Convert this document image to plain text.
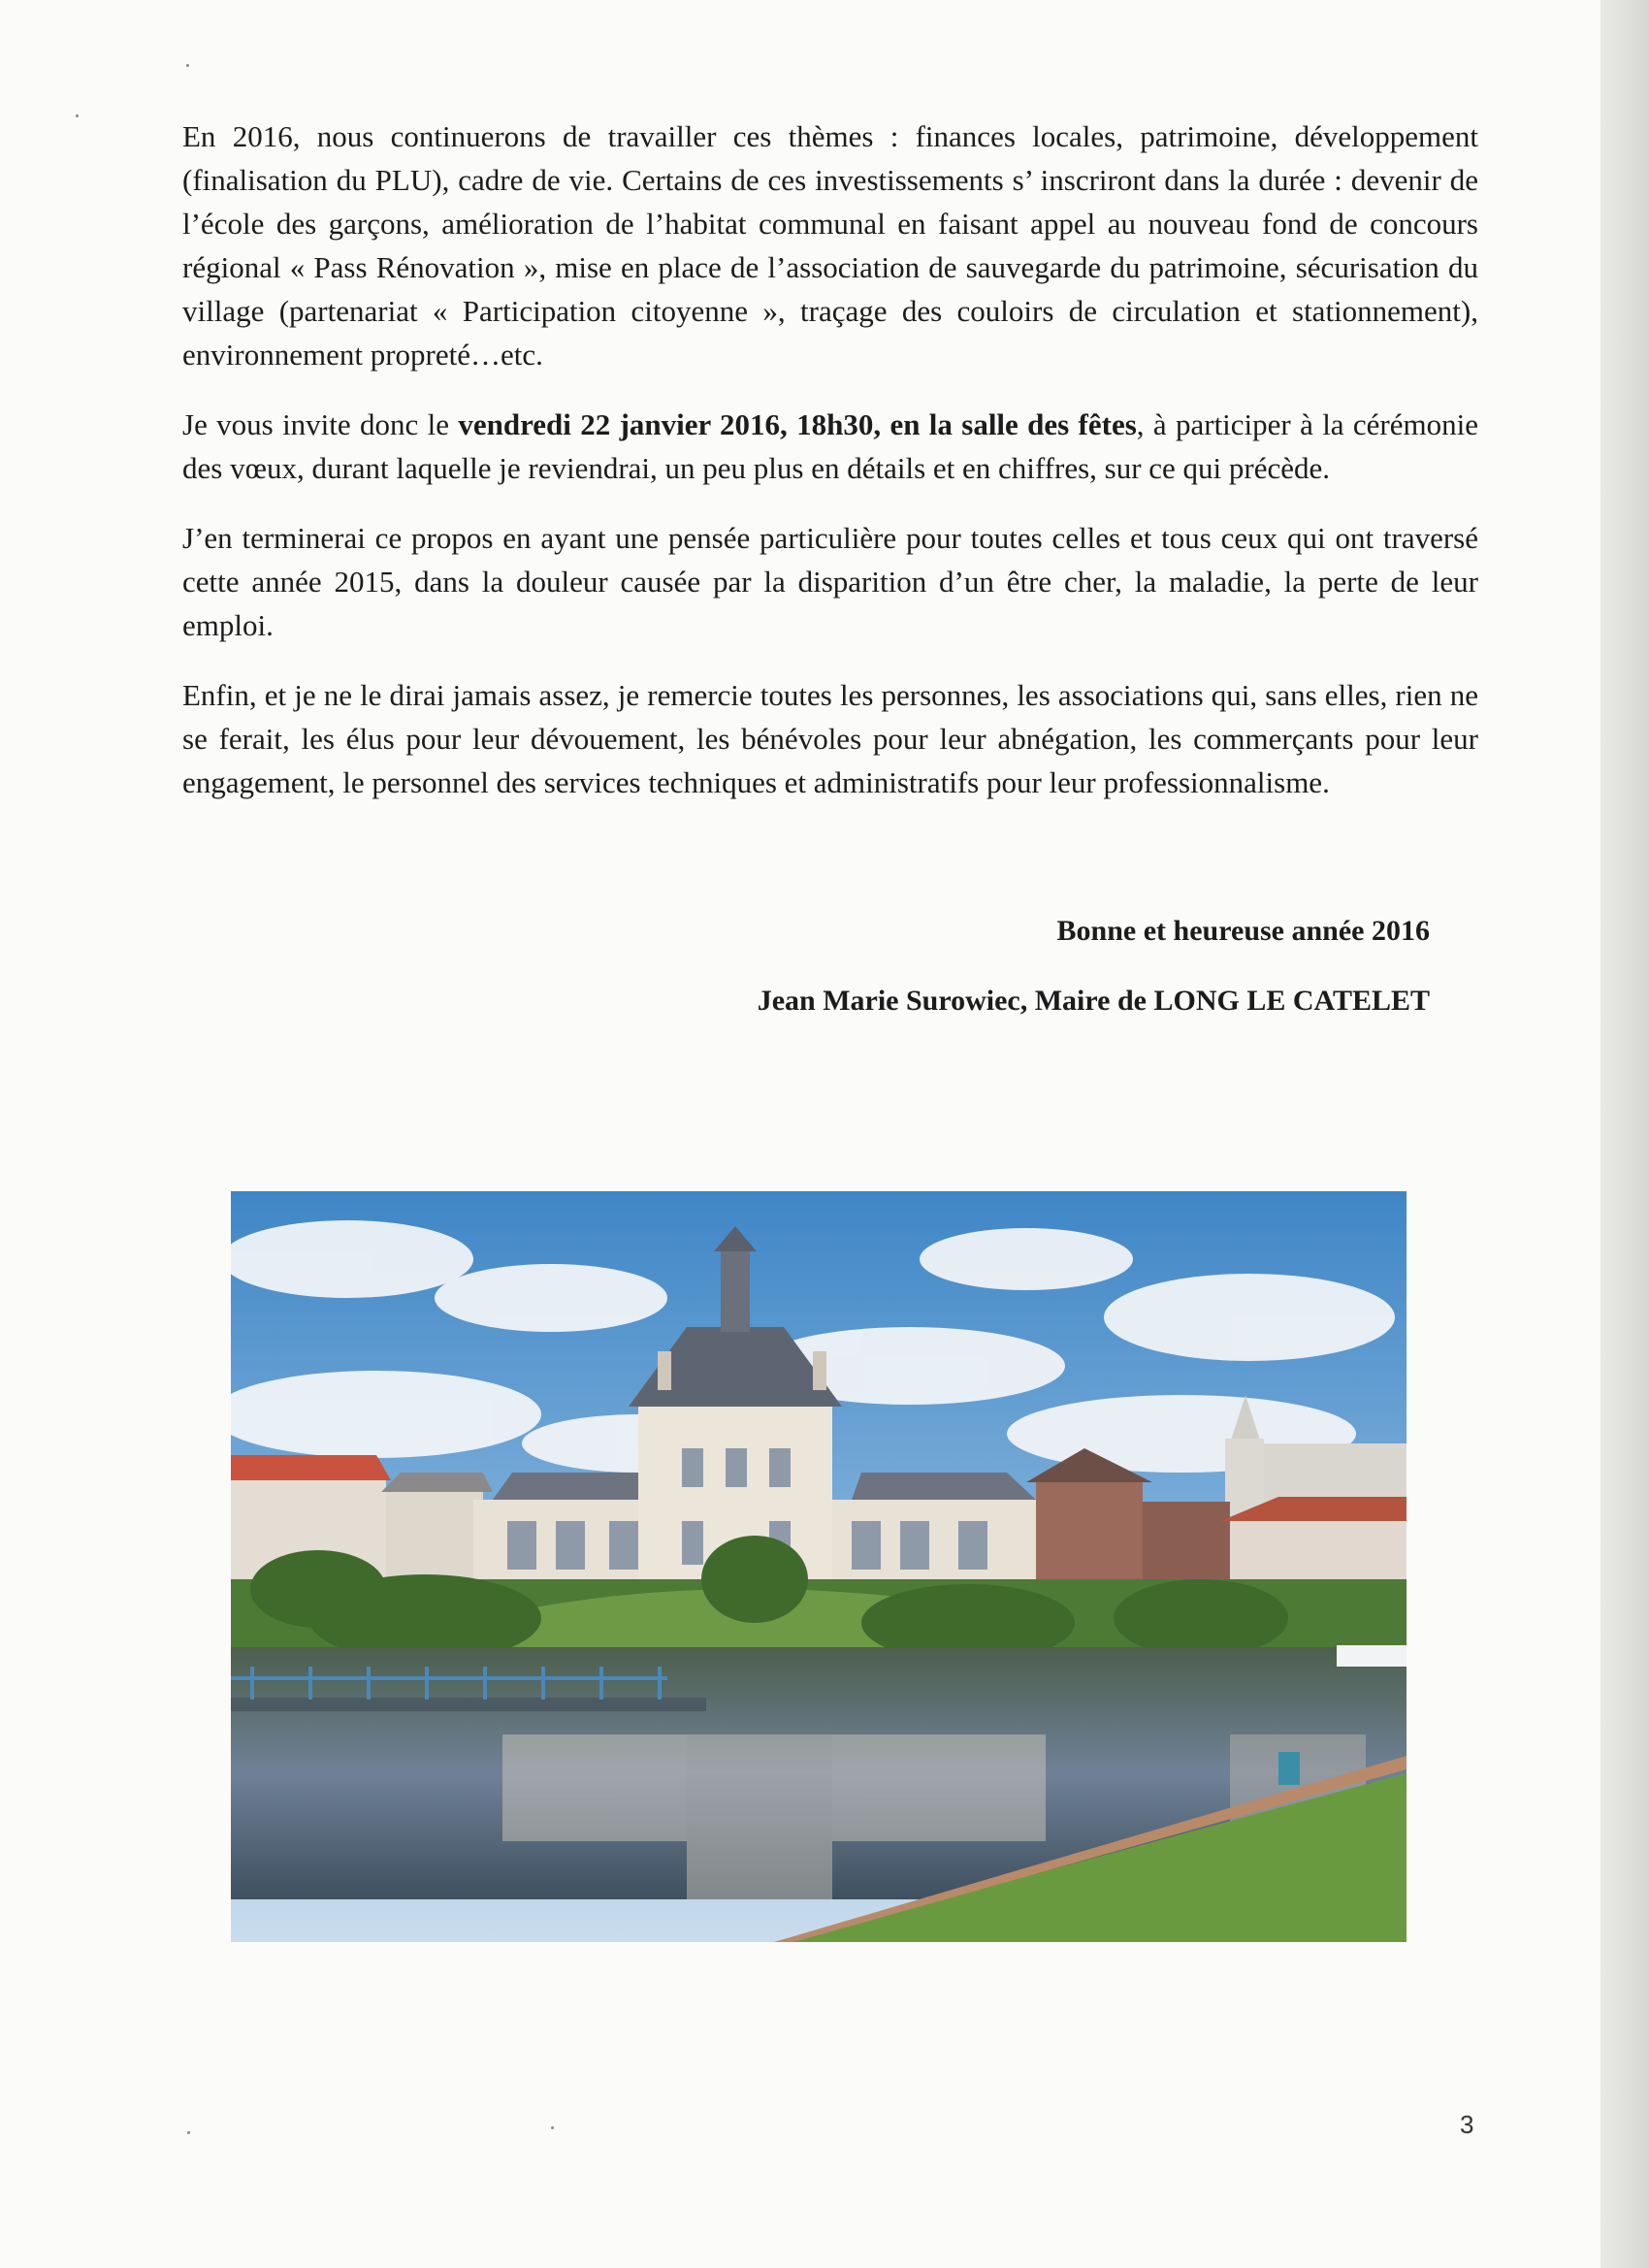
En 2016, nous continuerons de travailler ces thèmes : finances locales, patrimoine, développement (finalisation du PLU), cadre de vie. Certains de ces investissements s’ inscriront dans la durée : devenir de l’école des garçons, amélioration de l’habitat communal en faisant appel au nouveau fond de concours régional « Pass Rénovation », mise en place de l’association de sauvegarde du patrimoine, sécurisation du village (partenariat « Participation citoyenne », traçage des couloirs de circulation et stationnement), environnement propreté…etc.

Je vous invite donc le vendredi 22 janvier 2016, 18h30, en la salle des fêtes, à participer à la cérémonie des vœux, durant laquelle je reviendrai, un peu plus en détails et en chiffres, sur ce qui précède.

J’en terminerai ce propos en ayant une pensée particulière pour toutes celles et tous ceux qui ont traversé cette année 2015, dans la douleur causée par la disparition d’un être cher, la maladie, la perte de leur emploi.

Enfin, et je ne le dirai jamais assez, je remercie toutes les personnes, les associations qui, sans elles, rien ne se ferait, les élus pour leur dévouement, les bénévoles pour leur abnégation, les commerçants pour leur engagement, le personnel des services techniques et administratifs pour leur professionnalisme.

Bonne et heureuse année 2016
Jean Marie Surowiec, Maire de LONG LE CATELET
3
